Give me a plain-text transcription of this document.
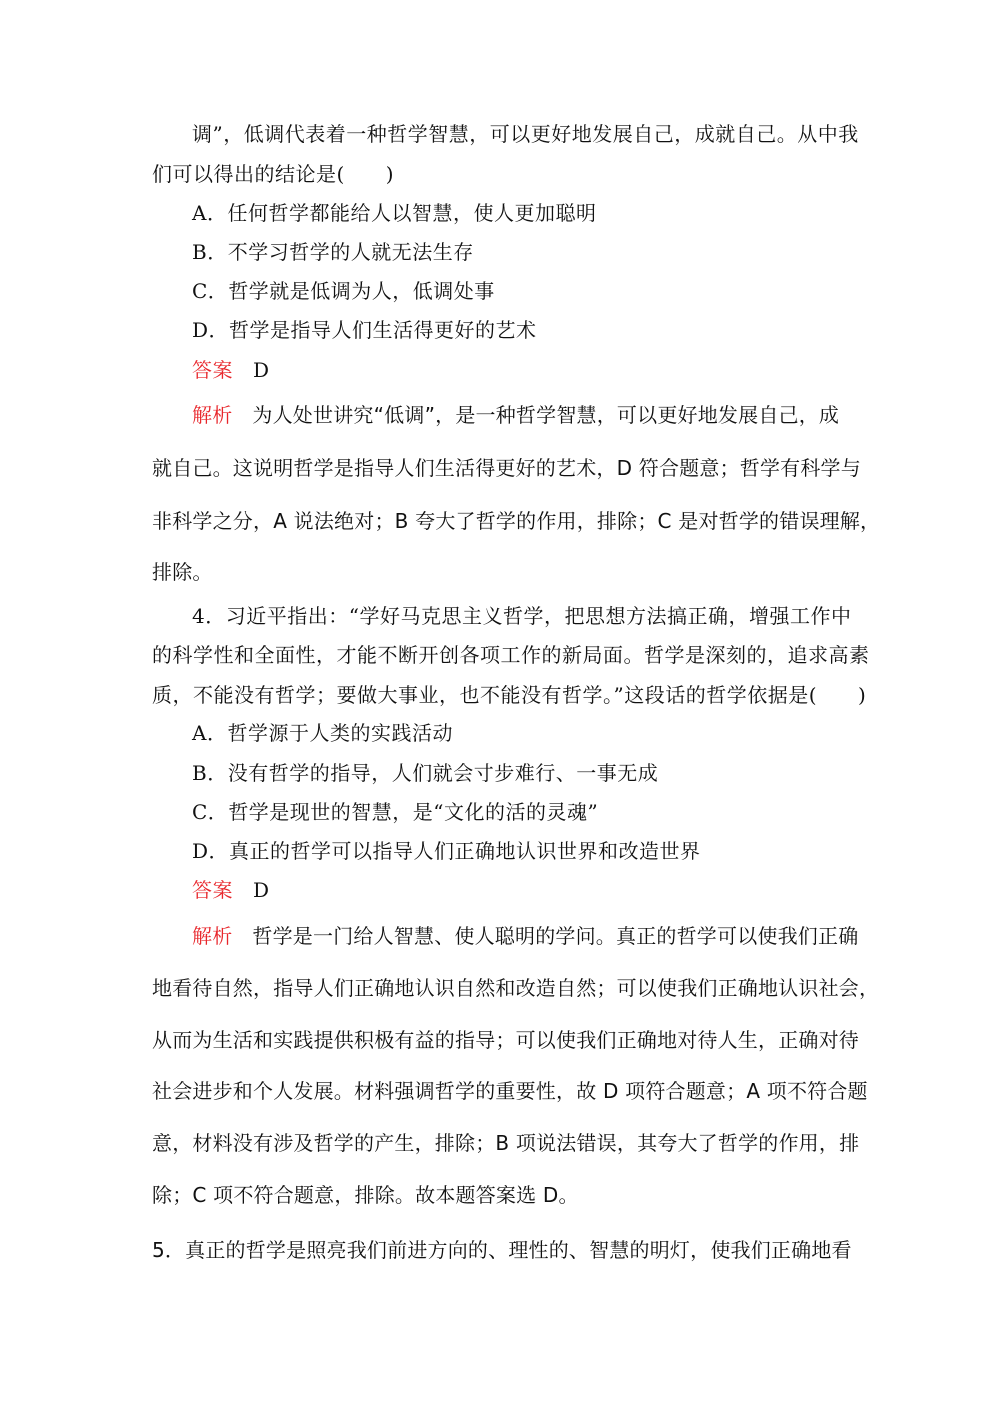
调”，低调代表着一种哲学智慧，可以更好地发展自己，成就自己。从中我
们可以得出的结论是(　　)
A．任何哲学都能给人以智慧，使人更加聪明
B．不学习哲学的人就无法生存
C．哲学就是低调为人，低调处事
D．哲学是指导人们生活得更好的艺术
答案 D
解析 为人处世讲究“低调”，是一种哲学智慧，可以更好地发展自己，成
就自己。这说明哲学是指导人们生活得更好的艺术，D 符合题意；哲学有科学与
非科学之分，A 说法绝对；B 夸大了哲学的作用，排除；C 是对哲学的错误理解，
排除。
4．习近平指出：“学好马克思主义哲学，把思想方法搞正确，增强工作中
的科学性和全面性，才能不断开创各项工作的新局面。哲学是深刻的，追求高素
质，不能没有哲学；要做大事业，也不能没有哲学。”这段话的哲学依据是(　　)
A．哲学源于人类的实践活动
B．没有哲学的指导，人们就会寸步难行、一事无成
C．哲学是现世的智慧，是“文化的活的灵魂”
D．真正的哲学可以指导人们正确地认识世界和改造世界
答案 D
解析 哲学是一门给人智慧、使人聪明的学问。真正的哲学可以使我们正确
地看待自然，指导人们正确地认识自然和改造自然；可以使我们正确地认识社会，
从而为生活和实践提供积极有益的指导；可以使我们正确地对待人生，正确对待
社会进步和个人发展。材料强调哲学的重要性，故 D 项符合题意；A 项不符合题
意，材料没有涉及哲学的产生，排除；B 项说法错误，其夸大了哲学的作用，排
除；C 项不符合题意，排除。故本题答案选 D。
5．真正的哲学是照亮我们前进方向的、理性的、智慧的明灯，使我们正确地看
